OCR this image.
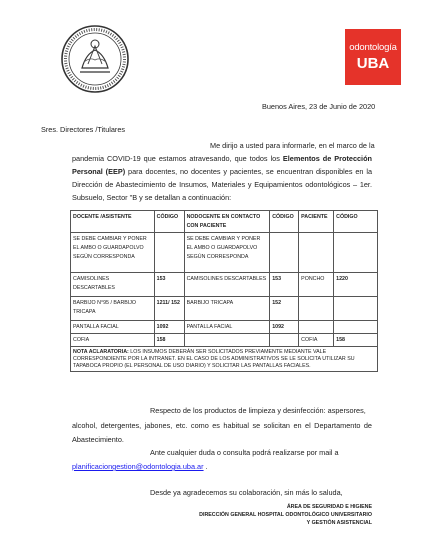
odontología
UBA
Buenos Aires, 23 de Junio de 2020
Sres. Directores /Titulares
Me dirijo a usted para informarle, en el marco de la
pandemia COVID-19 que estamos atravesando, que todos los Elementos de Protección
Personal (EEP) para docentes, no docentes y pacientes, se encuentran disponibles en la
Dirección de Abastecimiento de Insumos, Materiales y Equipamientos odontológicos – 1er.
Subsuelo, Sector "B y se detallan a continuación:
DOCENTE /ASISTENTE	CÓDIGO	NODOCENTE EN CONTACTO CON PACIENTE	CÓDIGO	PACIENTE	CÓDIGO
SE DEBE CAMBIAR Y PONER EL AMBO O GUARDAPOLVO SEGÚN CORRESPONDA		SE DEBE CAMBIAR Y PONER EL AMBO O GUARDAPOLVO SEGÚN CORRESPONDA			
CAMISOLINES DESCARTABLES	153	CAMISOLINES DESCARTABLES	153	PONCHO	1220
BARBIJO N°95 / BARBIJO TRICAPA	1211/ 152	BARBIJO TRICAPA	152		
PANTALLA FACIAL	1092	PANTALLA FACIAL	1092		
COFIA	158			COFIA	158
NOTA ACLARATORIA: LOS INSUMOS DEBERÁN SER SOLICITADOS PREVIAMENTE MEDIANTE VALE CORRESPONDIENTE POR LA INTRANET. EN EL CASO DE LOS ADMINISTRATIVOS SE LE SOLICITA UTILIZAR SU TAPABOCA PROPIO (EL PERSONAL DE USO DIARIO) Y SOLICITAR LAS PANTALLAS FACIALES.					
Respecto de los productos de limpieza y desinfección: aspersores,
alcohol, detergentes, jabones, etc. como es habitual se solicitan en el Departamento de
Abastecimiento.
Ante cualquier duda o consulta podrá realizarse por mail a
planificaciongestion@odontologia.uba.ar .
Desde ya agradecemos su colaboración, sin más lo saluda,
ÁREA DE SEGURIDAD E HIGIENE
DIRECCIÓN GENERAL HOSPITAL ODONTOLÓGICO UNIVERSITARIO
Y GESTIÓN ASISTENCIAL
